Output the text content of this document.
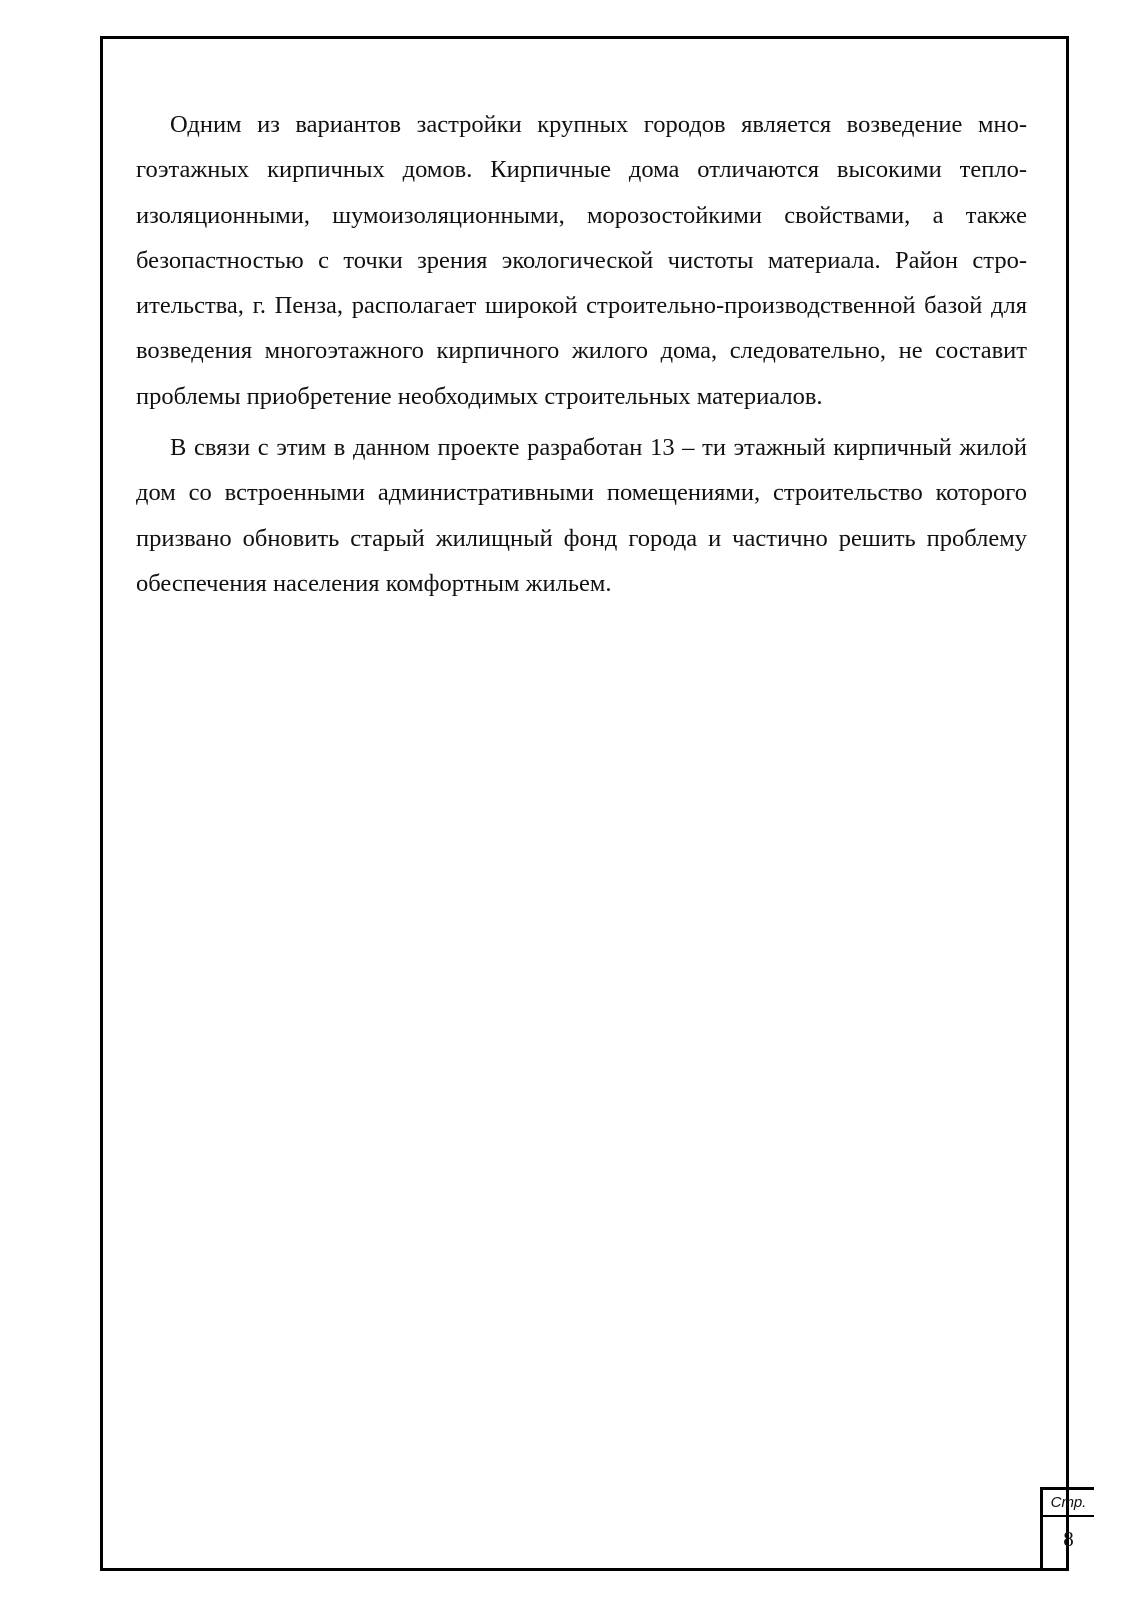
Одним из вариантов застройки крупных городов является возведение многоэтажных кирпичных домов. Кирпичные дома отличаются высокими теплоизоляционными, шумоизоляционными, морозостойкими свойствами, а также безопастностью с точки зрения экологической чистоты материала. Район строительства, г. Пенза, располагает широкой строительно-производственной базой для возведения многоэтажного кирпичного жилого дома, следовательно, не составит проблемы приобретение необходимых строительных материалов.

В связи с этим в данном проекте разработан 13 – ти этажный кирпичный жилой дом со встроенными административными помещениями, строительство которого призвано обновить старый жилищный фонд города и частично решить проблему обеспечения населения комфортным жильем.

Стр.
8
